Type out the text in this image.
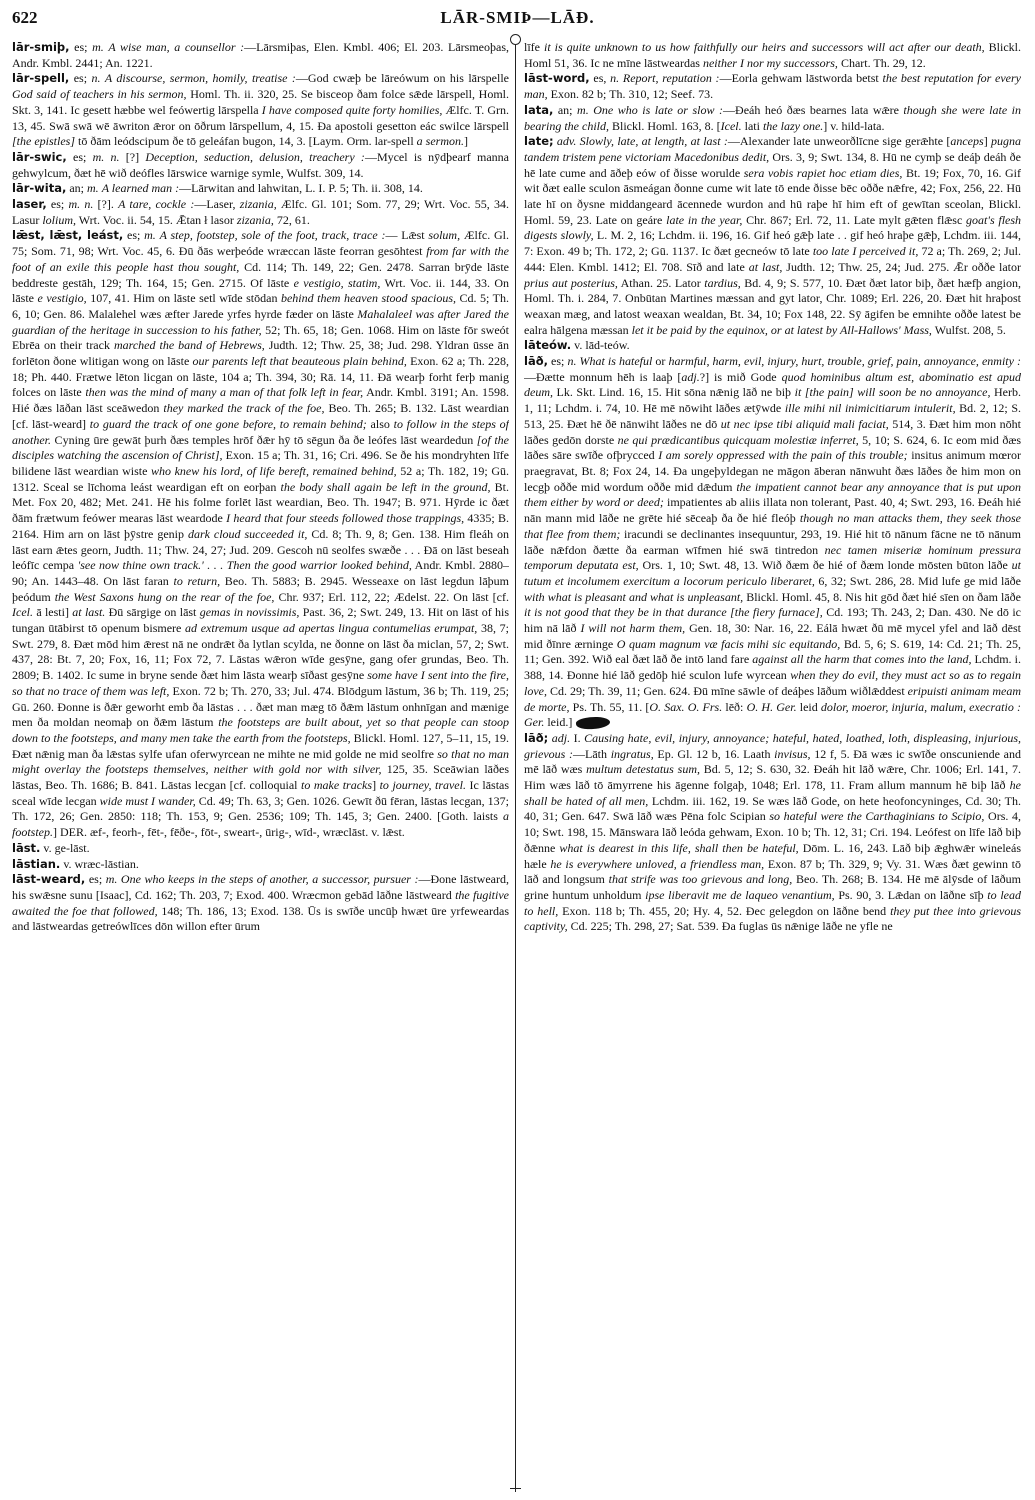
622	LĀR-SMIÞ—LĀÐ.

lār-smiþ, es; m. A wise man, a counsellor :—Lārsmiþas, Elen. Kmbl. 406; El. 203. Lārsmeoþas, Andr. Kmbl. 2441; An. 1221.

lār-spell, es; n. A discourse, sermon, homily, treatise :—God cwæþ be lāreówum on his lārspelle God said of teachers in his sermon, Homl. Th. ii. 320, 25. Se bisceop ðam folce sǣde lārspell, Homl. Skt. 3, 141. Ic gesett hæbbe wel feówertig lārspella I have composed quite forty homilies, Ælfc. T. Grn. 13, 45. Swā swā wē āwriton ǣror on ōðrum lārspellum, 4, 15. Ða apostoli gesetton eác swilce lārspell [the epistles] tō ðām leódscipum ðe tō geleáfan bugon, 14, 3. [Laym. Orm. lar-spell a sermon.]

lār-swic, es; m. n. [?] Deception, seduction, delusion, treachery :—Mycel is nȳdþearf manna gehwylcum, ðæt hē wið deófles lārswice warnige symle, Wulfst. 309, 14.

lār-wita, an; m. A learned man :—Lārwitan and lahwitan, L. I. P. 5; Th. ii. 308, 14.

laser, es; m. n. [?]. A tare, cockle :—Laser, zizania, Ælfc. Gl. 101; Som. 77, 29; Wrt. Voc. 55, 34. Lasur lolium, Wrt. Voc. ii. 54, 15. Ǣtan ł lasor zizania, 72, 61.

lǣst, lǣst, leást, es; m. A step, footstep, sole of the foot, track, trace :— Lǣst solum, Ælfc. Gl. 75; Som. 71, 98; Wrt. Voc. 45, 6. Ðū ðās werþeóde wræccan lāste feorran gesōhtest from far with the foot of an exile this people hast thou sought, Cd. 114; Th. 149, 22; Gen. 2478. Sarran brȳde lāste beddreste gestāh, 129; Th. 164, 15; Gen. 2715. Of lāste e vestigio, statim, Wrt. Voc. ii. 144, 33. On lāste e vestigio, 107, 41. Him on lāste setl wīde stōdan behind them heaven stood spacious, Cd. 5; Th. 6, 10; Gen. 86. Malalehel wæs æfter Jarede yrfes hyrde fæder on lāste Mahalaleel was after Jared the guardian of the heritage in succession to his father, 52; Th. 65, 18; Gen. 1068. Him on lāste fōr sweót Ebrēa on their track marched the band of Hebrews, Judth. 12; Thw. 25, 38; Jud. 298. Yldran ūsse ān forlēton ðone wlitigan wong on lāste our parents left that beauteous plain behind, Exon. 62 a; Th. 228, 18; Ph. 440. Frætwe lēton licgan on lāste, 104 a; Th. 394, 30; Rā. 14, 11. Ðā wearþ forht ferþ manig folces on lāste then was the mind of many a man of that folk left in fear, Andr. Kmbl. 3191; An. 1598. Hié ðæs lāðan lāst sceāwedon they marked the track of the foe, Beo. Th. 265; B. 132. Lāst weardian [cf. lāst-weard] to guard the track of one gone before, to remain behind; also to follow in the steps of another. Cyning ūre gewāt þurh ðæs temples hrōf ðǣr hȳ tō sēgun ða ðe leófes lāst weardedun [of the disciples watching the ascension of Christ], Exon. 15 a; Th. 31, 16; Cri. 496. Se ðe his mondryhten līfe bilidene lāst weardian wiste who knew his lord, of life bereft, remained behind, 52 a; Th. 182, 19; Gū. 1312. Sceal se līchoma leást weardigan eft on eorþan the body shall again be left in the ground, Bt. Met. Fox 20, 482; Met. 241. Hē his folme forlēt lāst weardian, Beo. Th. 1947; B. 971. Hȳrde ic ðæt ðām frætwum feówer mearas lāst weardode I heard that four steeds followed those trappings, 4335; B. 2164. Him arn on lāst þȳstre genip dark cloud succeeded it, Cd. 8; Th. 9, 8; Gen. 138. Him fleáh on lāst earn ǣtes georn, Judth. 11; Thw. 24, 27; Jud. 209. Gescoh nū seolfes swæðe . . . Ðā on lāst beseah leófīc cempa 'see now thine own track.' . . . Then the good warrior looked behind, Andr. Kmbl. 2880–90; An. 1443–48. On lāst faran to return, Beo. Th. 5883; B. 2945. Wesseaxe on lāst legdun lāþum þeódum the West Saxons hung on the rear of the foe, Chr. 937; Erl. 112, 22; Ædelst. 22. On lāst [cf. Icel. ā lesti] at last. Ðū sārgige on lāst gemas in novissimis, Past. 36, 2; Swt. 249, 13. Hit on lāst of his tungan ūtābirst tō openum bismere ad extremum usque ad apertas lingua contumelias erumpat, 38, 7; Swt. 279, 8. Ðæt mōd him ǣrest nā ne ondrǣt ða lytlan scylda, ne ðonne on lāst ða miclan, 57, 2; Swt. 437, 28: Bt. 7, 20; Fox, 16, 11; Fox 72, 7. Lāstas wǣron wīde gesȳne, gang ofer grundas, Beo. Th. 2809; B. 1402. Ic sume in bryne sende ðæt him lāsta wearþ sīðast gesȳne some have I sent into the fire, so that no trace of them was left, Exon. 72 b; Th. 270, 33; Jul. 474. Blōdgum lāstum, 36 b; Th. 119, 25; Gū. 260. Ðonne is ðǣr geworht emb ða lāstas . . . ðæt man mæg tō ðǣm lāstum onhnīgan and mænige men ða moldan neomaþ on ðǣm lāstum the footsteps are built about, yet so that people can stoop down to the footsteps, and many men take the earth from the footsteps, Blickl. Homl. 127, 5–11, 15, 19. Ðæt nǣnig man ða lǣstas sylfe ufan oferwyrcean ne mihte ne mid golde ne mid seolfre so that no man might overlay the footsteps themselves, neither with gold nor with silver, 125, 35. Sceāwian lāðes lāstas, Beo. Th. 1686; B. 841. Lāstas lecgan [cf. colloquial to make tracks] to journey, travel. Ic lāstas sceal wīde lecgan wide must I wander, Cd. 49; Th. 63, 3; Gen. 1026. Gewīt ðū fēran, lāstas lecgan, 137; Th. 172, 26; Gen. 2850: 118; Th. 153, 9; Gen. 2536; 109; Th. 145, 3; Gen. 2400. [Goth. laists a footstep.] DER. æf-, feorh-, fēt-, fēðe-, fōt-, sweart-, ūrig-, wīd-, wræclāst. v. lǣst.

lāst. v. ge-lāst.

lāstian. v. wræc-lāstian.

lāst-weard, es; m. One who keeps in the steps of another, a successor, pursuer :—Ðone lāstweard, his swǣsne sunu [Isaac], Cd. 162; Th. 203, 7; Exod. 400. Wræcmon gebād lāðne lāstweard the fugitive awaited the foe that followed, 148; Th. 186, 13; Exod. 138. Ūs is swīðe uncūþ hwæt ūre yrfeweardas and lāstweardas getreówlīces dōn willon efter ūrum

līfe it is quite unknown to us how faithfully our heirs and successors will act after our death, Blickl. Homl 51, 36. Ic ne mīne lāstweardas neither I nor my successors, Chart. Th. 29, 12.

lāst-word, es, n. Report, reputation :—Eorla gehwam lāstworda betst the best reputation for every man, Exon. 82 b; Th. 310, 12; Seef. 73.

lata, an; m. One who is late or slow :—Ðeáh heó ðæs bearnes lata wǣre though she were late in bearing the child, Blickl. Homl. 163, 8. [Icel. lati the lazy one.] v. hild-lata.

late; adv. Slowly, late, at length, at last :—Alexander late unweorðlīcne sige gerǣhte [anceps] pugna tandem tristem pene victoriam Macedonibus dedit, Ors. 3, 9; Swt. 134, 8. Hū ne cymþ se deáþ deáh ðe hē late cume and āðeþ eów of ðisse worulde sera vobis rapiet hoc etiam dies, Bt. 19; Fox, 70, 16. Gif wit ðæt ealle sculon āsmeágan ðonne cume wit late tō ende ðisse bēc oððe nǣfre, 42; Fox, 256, 22. Hū late hī on ðysne middangeard ācennede wurdon and hū raþe hī him eft of gewītan sceolan, Blickl. Homl. 59, 23. Late on geáre late in the year, Chr. 867; Erl. 72, 11. Late mylt gǣten flǣsc goat's flesh digests slowly, L. M. 2, 16; Lchdm. ii. 196, 16. Gif heó gǣþ late . . gif heó hraþe gǣþ, Lchdm. iii. 144, 7: Exon. 49 b; Th. 172, 2; Gū. 1137. Ic ðæt gecneów tō late too late I perceived it, 72 a; Th. 269, 2; Jul. 444: Elen. Kmbl. 1412; El. 708. Sīð and late at last, Judth. 12; Thw. 25, 24; Jud. 275. Ǣr oððe lator prius aut posterius, Athan. 25. Lator tardius, Bd. 4, 9; S. 577, 10. Ðæt ðæt lator biþ, ðæt hæfþ angion, Homl. Th. i. 284, 7. Onbūtan Martines mæssan and gyt lator, Chr. 1089; Erl. 226, 20. Ðæt hit hraþost weaxan mæg, and latost weaxan wealdan, Bt. 34, 10; Fox 148, 22. Sȳ āgifen be emnihte oððe latest be ealra hālgena mæssan let it be paid by the equinox, or at latest by All-Hallows' Mass, Wulfst. 208, 5.

lāteów. v. lād-teów.

lāð, es; n. What is hateful or harmful, harm, evil, injury, hurt, trouble, grief, pain, annoyance, enmity :—Ðætte monnum hēh is laaþ [adj.?] is mið Gode quod hominibus altum est, abominatio est apud deum, Lk. Skt. Lind. 16, 15. Hit sōna nǣnig lāð ne biþ it [the pain] will soon be no annoyance, Herb. 1, 11; Lchdm. i. 74, 10. Hē mē nōwiht lāðes ætȳwde ille mihi nil inimicitiarum intulerit, Bd. 2, 12; S. 513, 25. Ðæt hē ðē nānwiht lāðes ne dō ut nec ipse tibi aliquid mali faciat, 514, 3. Ðæt him mon nōht lāðes gedōn dorste ne qui prædicantibus quicquam molestiæ inferret, 5, 10; S. 624, 6. Ic eom mid ðæs lāðes sāre swīðe ofþrycced I am sorely oppressed with the pain of this trouble; insitus animum mœror praegravat, Bt. 8; Fox 24, 14. Ða ungeþyldegan ne māgon āberan nānwuht ðæs lāðes ðe him mon on lecgþ oððe mid wordum oððe mid dǣdum the impatient cannot bear any annoyance that is put upon them either by word or deed; impatientes ab aliis illata non tolerant, Past. 40, 4; Swt. 293, 16. Ðeáh hié nān mann mid lāðe ne grēte hié sēceaþ ða ðe hié fleóþ though no man attacks them, they seek those that flee from them; iracundi se declinantes insequuntur, 293, 19. Hié hit tō nānum fācne ne tō nānum lāðe nǣfdon ðætte ða earman wīfmen hié swā tintredon nec tamen miseriæ hominum pressura temporum deputata est, Ors. 1, 10; Swt. 48, 13. Wið ðæm ðe hié of ðæm londe mōsten būton lāðe ut tutum et incolumem exercitum a locorum periculo liberaret, 6, 32; Swt. 286, 28. Mid lufe ge mid lāðe with what is pleasant and what is unpleasant, Blickl. Homl. 45, 8. Nis hit gōd ðæt hié sīen on ðam lāðe it is not good that they be in that durance [the fiery furnace], Cd. 193; Th. 243, 2; Dan. 430. Ne dō ic him nā lāð I will not harm them, Gen. 18, 30: Nar. 16, 22. Eálā hwæt ðū mē mycel yfel and lāð dēst mid ðīnre ærninge O quam magnum væ facis mihi sic equitando, Bd. 5, 6; S. 619, 14: Cd. 21; Th. 25, 11; Gen. 392. Wið eal ðæt lāð ðe intō land fare against all the harm that comes into the land, Lchdm. i. 388, 14. Ðonne hié lāð gedōþ hié sculon lufe wyrcean when they do evil, they must act so as to regain love, Cd. 29; Th. 39, 11; Gen. 624. Ðū mīne sāwle of deáþes lāðum wiðlǣddest eripuisti animam meam de morte, Ps. Th. 55, 11. [O. Sax. O. Frs. lēð: O. H. Ger. leid dolor, moeror, injuria, malum, execratio : Ger. leid.]

lāð; adj. I. Causing hate, evil, injury, annoyance; hateful, hated, loathed, loth, displeasing, injurious, grievous :—Lāth ingratus, Ep. Gl. 12 b, 16. Laath invisus, 12 f, 5. Ðā wæs ic swīðe onscuniende and mē lāð wæs multum detestatus sum, Bd. 5, 12; S. 630, 32. Ðeáh hit lāð wǣre, Chr. 1006; Erl. 141, 7. Him wæs lāð tō āmyrrene his āgenne folgaþ, 1048; Erl. 178, 11. Fram allum mannum hē biþ lāð he shall be hated of all men, Lchdm. iii. 162, 19. Se wæs lāð Gode, on hete heofoncyninges, Cd. 30; Th. 40, 31; Gen. 647. Swā lāð wæs Pēna folc Scipian so hateful were the Carthaginians to Scipio, Ors. 4, 10; Swt. 198, 15. Mānswara lāð leóda gehwam, Exon. 10 b; Th. 12, 31; Cri. 194. Leófest on līfe lāð biþ ðǣnne what is dearest in this life, shall then be hateful, Dōm. L. 16, 243. Lāð biþ ǣghwǣr wineleás hæle he is everywhere unloved, a friendless man, Exon. 87 b; Th. 329, 9; Vy. 31. Wæs ðæt gewinn tō lāð and longsum that strife was too grievous and long, Beo. Th. 268; B. 134. Hē mē ālȳsde of lāðum grine huntum unholdum ipse liberavit me de laqueo venantium, Ps. 90, 3. Lǣdan on lāðne sīþ to lead to hell, Exon. 118 b; Th. 455, 20; Hy. 4, 52. Ðec gelegdon on lāðne bend they put thee into grievous captivity, Cd. 225; Th. 298, 27; Sat. 539. Ða fuglas ūs nǣnige lāðe ne yfle ne
